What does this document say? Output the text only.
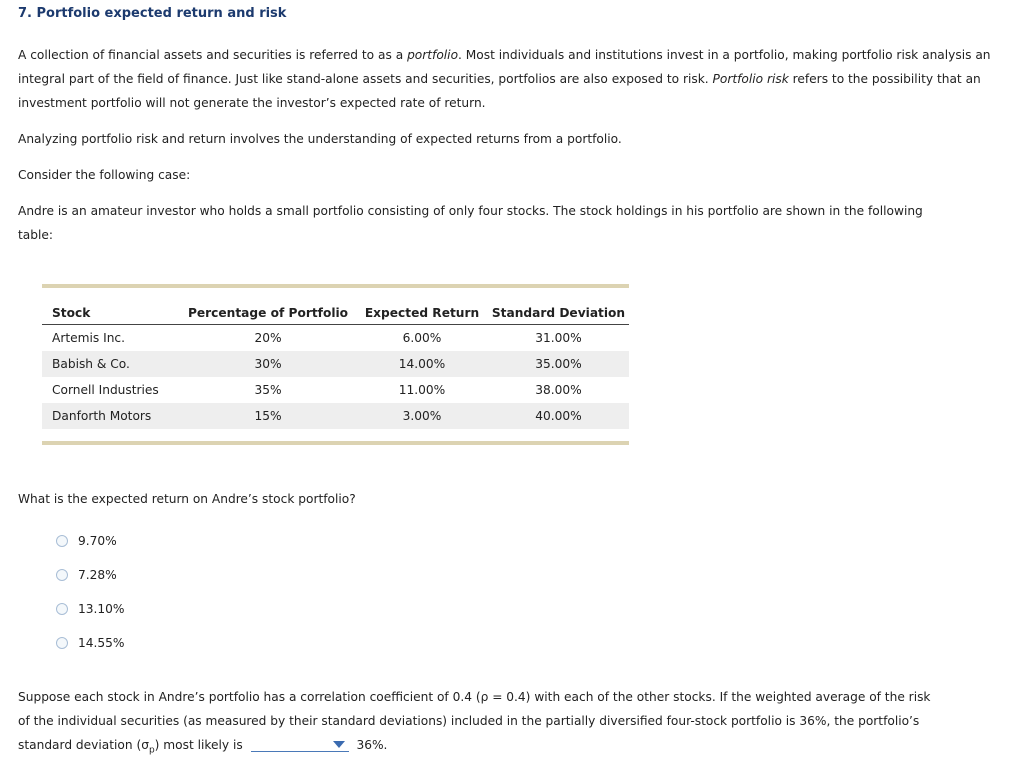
7. Portfolio expected return and risk
A collection of financial assets and securities is referred to as a portfolio. Most individuals and institutions invest in a portfolio, making portfolio risk analysis an integral part of the field of finance. Just like stand-alone assets and securities, portfolios are also exposed to risk. Portfolio risk refers to the possibility that an investment portfolio will not generate the investor’s expected rate of return.
Analyzing portfolio risk and return involves the understanding of expected returns from a portfolio.
Consider the following case:
Andre is an amateur investor who holds a small portfolio consisting of only four stocks. The stock holdings in his portfolio are shown in the following table:
Stock	Percentage of Portfolio	Expected Return	Standard Deviation
Artemis Inc.	20%	6.00%	31.00%
Babish & Co.	30%	14.00%	35.00%
Cornell Industries	35%	11.00%	38.00%
Danforth Motors	15%	3.00%	40.00%

What is the expected return on Andre’s stock portfolio?
9.70%
7.28%
13.10%
14.55%
Suppose each stock in Andre’s portfolio has a correlation coefficient of 0.4 (ρ = 0.4) with each of the other stocks. If the weighted average of the risk
of the individual securities (as measured by their standard deviations) included in the partially diversified four-stock portfolio is 36%, the portfolio’s
standard deviation $(\sigma_p)$ most likely is	36%.
